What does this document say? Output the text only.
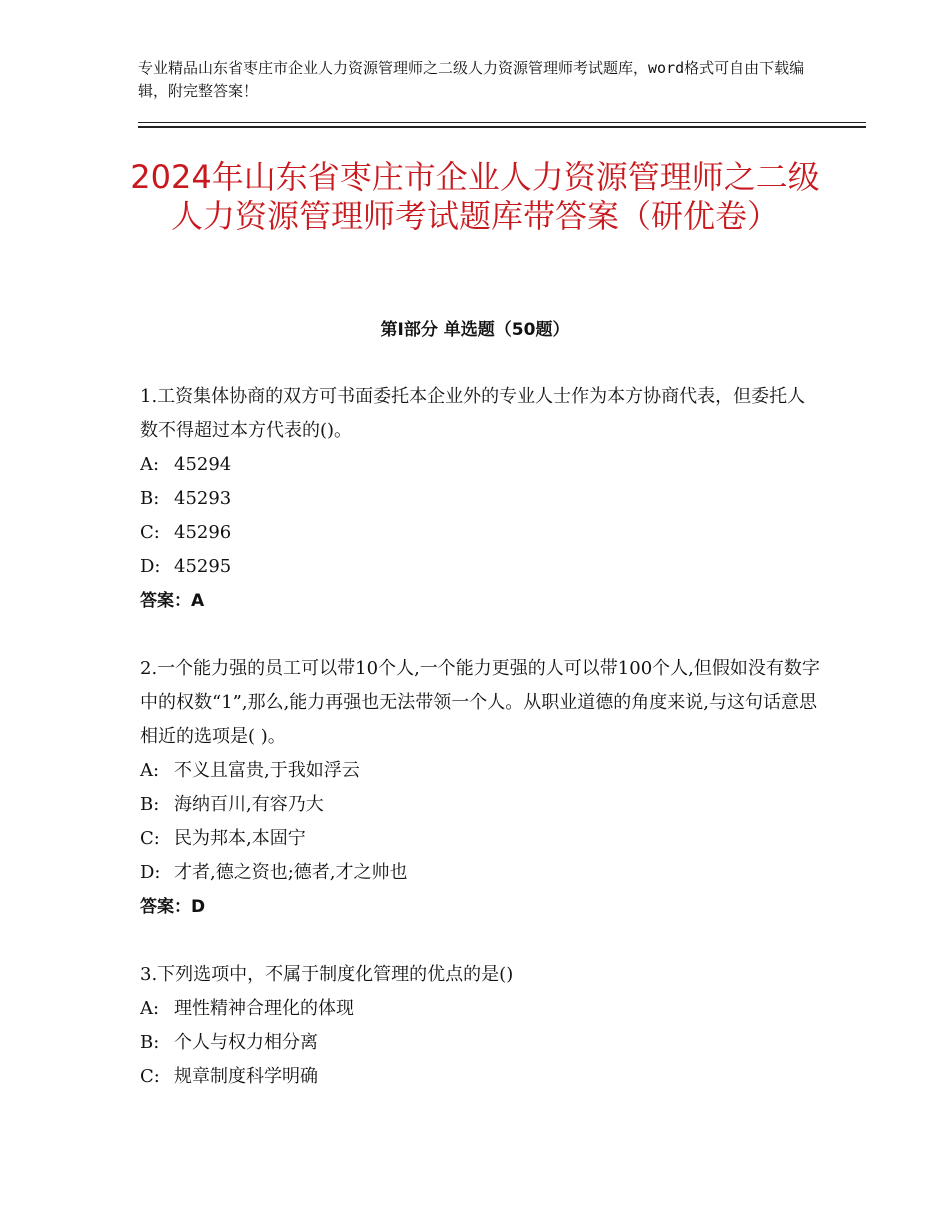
专业精品山东省枣庄市企业人力资源管理师之二级人力资源管理师考试题库，word格式可自由下载编辑，附完整答案！
2024年山东省枣庄市企业人力资源管理师之二级人力资源管理师考试题库带答案（研优卷）
第Ⅰ部分 单选题（50题）

1.工资集体协商的双方可书面委托本企业外的专业人士作为本方协商代表，但委托人数不得超过本方代表的()。

A: 45294

B: 45293

C: 45296

D: 45295

答案：A

2.一个能力强的员工可以带10个人,一个能力更强的人可以带100个人,但假如没有数字中的权数“1”,那么,能力再强也无法带领一个人。从职业道德的角度来说,与这句话意思相近的选项是( )。

A: 不义且富贵,于我如浮云

B: 海纳百川,有容乃大

C: 民为邦本,本固宁

D: 才者,德之资也;德者,才之帅也

答案：D

3.下列选项中，不属于制度化管理的优点的是()

A: 理性精神合理化的体现

B: 个人与权力相分离

C: 规章制度科学明确
